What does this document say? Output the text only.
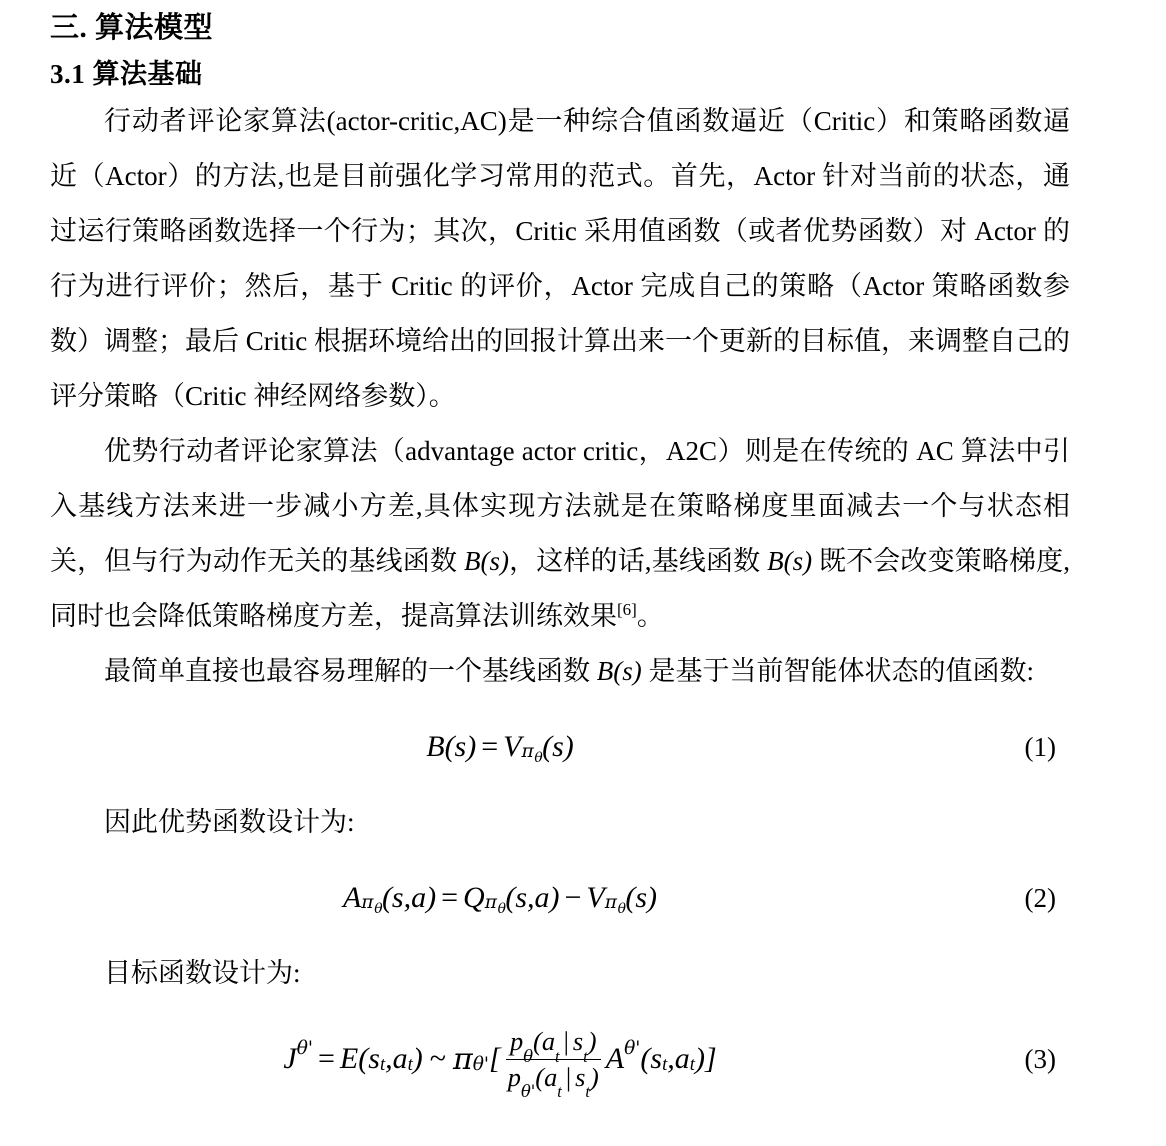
三. 算法模型
3.1 算法基础

行动者评论家算法(actor-critic,AC)是一种综合值函数逼近（Critic）和策略函数逼近（Actor）的方法,也是目前强化学习常用的范式。首先，Actor 针对当前的状态，通过运行策略函数选择一个行为；其次，Critic 采用值函数（或者优势函数）对 Actor 的行为进行评价；然后，基于 Critic 的评价，Actor 完成自己的策略（Actor 策略函数参数）调整；最后 Critic 根据环境给出的回报计算出来一个更新的目标值，来调整自己的评分策略（Critic 神经网络参数）。

优势行动者评论家算法（advantage actor critic，A2C）则是在传统的 AC 算法中引入基线方法来进一步减小方差,具体实现方法就是在策略梯度里面减去一个与状态相关，但与行为动作无关的基线函数 B(s)，这样的话,基线函数 B(s) 既不会改变策略梯度,同时也会降低策略梯度方差，提高算法训练效果[6]。

最简单直接也最容易理解的一个基线函数 B(s) 是基于当前智能体状态的值函数:

B (s) = V $\pi_\theta$ (s)	(1)

因此优势函数设计为:

A $\pi_\theta$ (s,a) = Q $\pi_\theta$ (s,a) − V $\pi_\theta$ (s)	(2)

目标函数设计为:

J θ' = E ( s t , a t ) ~ π θ' [ $\frac{p_\theta(a_t| s_t)}{p_{\theta'}(a_t| s_t)}$ A θ' ( s t , a t ) ]	(3)
